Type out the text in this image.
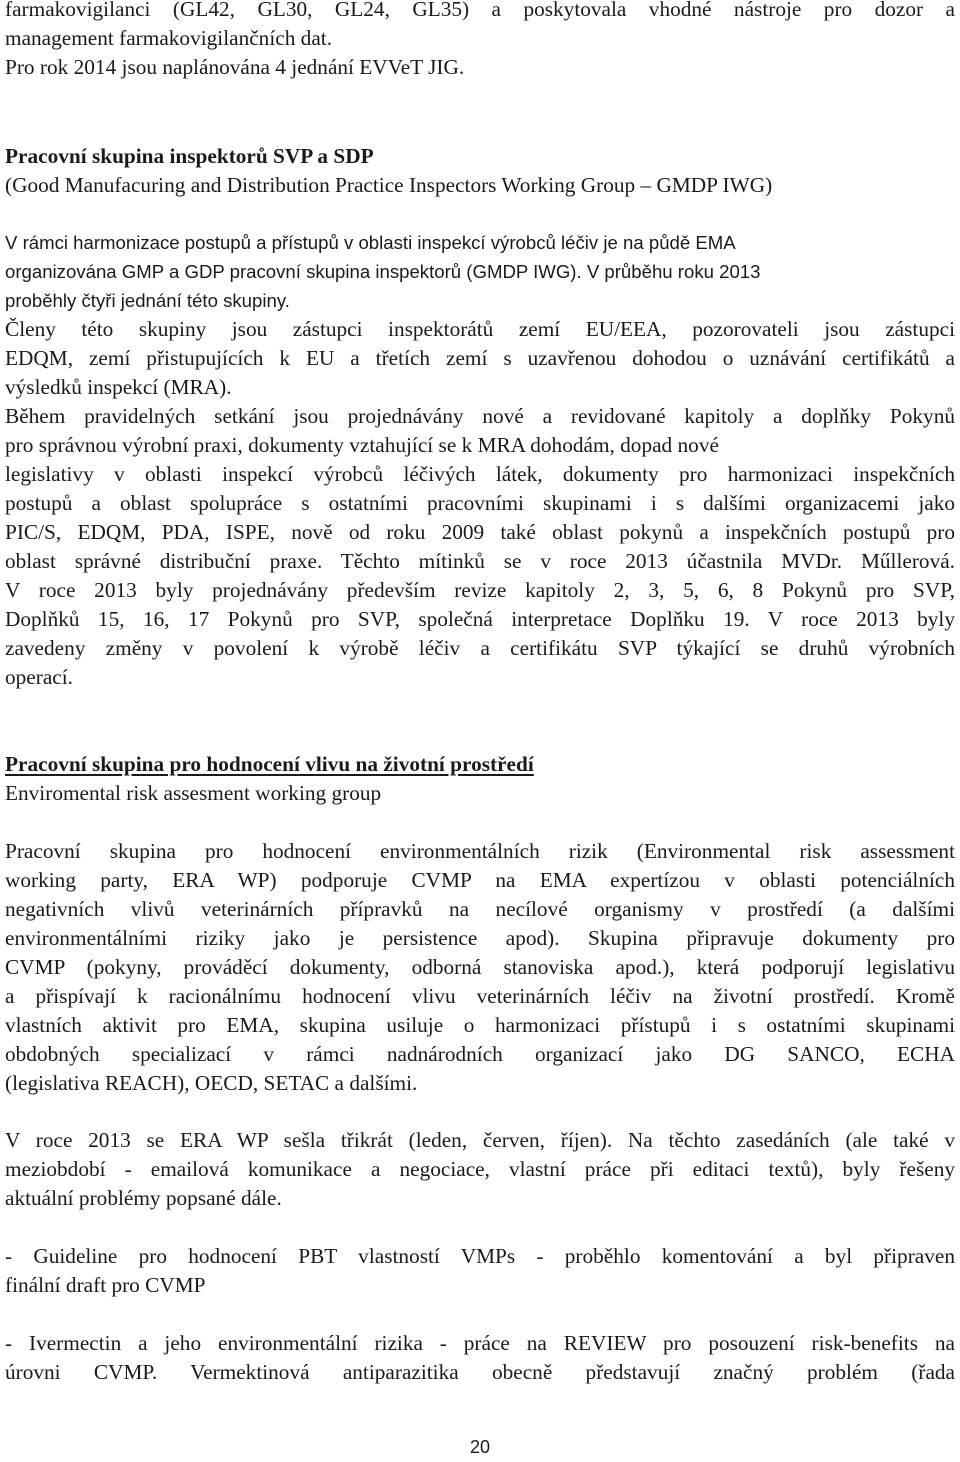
farmakovigilanci (GL42, GL30, GL24, GL35) a poskytovala vhodné nástroje pro dozor a
management farmakovigilančních dat.
Pro rok 2014 jsou naplánována 4 jednání EVVeT JIG.
Pracovní skupina inspektorů SVP a SDP
(Good Manufacuring and Distribution Practice Inspectors Working Group – GMDP IWG)
V rámci harmonizace postupů a přístupů v oblasti inspekcí výrobců léčiv je na půdě EMA
organizována GMP a GDP pracovní skupina inspektorů (GMDP IWG). V průběhu roku 2013
proběhly čtyři jednání této skupiny.
Členy této skupiny jsou zástupci inspektorátů zemí EU/EEA, pozorovateli jsou zástupci
EDQM, zemí přistupujících k EU a třetích zemí s uzavřenou dohodou o uznávání certifikátů a
výsledků inspekcí (MRA).
Během pravidelných setkání jsou projednávány nové a revidované kapitoly a doplňky Pokynů
pro správnou výrobní praxi, dokumenty vztahující se k MRA dohodám, dopad nové
legislativy v oblasti inspekcí výrobců léčivých látek, dokumenty pro harmonizaci inspekčních
postupů a oblast spolupráce s ostatními pracovními skupinami i s dalšími organizacemi jako
PIC/S, EDQM, PDA, ISPE, nově od roku 2009 také oblast pokynů a inspekčních postupů pro
oblast správné distribuční praxe. Těchto mítinků se v roce 2013 účastnila MVDr. Műllerová.
V roce 2013 byly projednávány především revize kapitoly 2, 3, 5, 6, 8 Pokynů pro SVP,
Doplňků 15, 16, 17 Pokynů pro SVP, společná interpretace Doplňku 19. V roce 2013 byly
zavedeny změny v povolení k výrobě léčiv a certifikátu SVP týkající se druhů výrobních
operací.
Pracovní skupina pro hodnocení vlivu na životní prostředí
Enviromental risk assesment working group
Pracovní skupina pro hodnocení environmentálních rizik (Environmental risk assessment
working party, ERA WP) podporuje CVMP na EMA expertízou v oblasti potenciálních
negativních vlivů veterinárních přípravků na necílové organismy v prostředí (a dalšími
environmentálními riziky jako je persistence apod). Skupina připravuje dokumenty pro
CVMP (pokyny, prováděcí dokumenty, odborná stanoviska apod.), která podporují legislativu
a přispívají k racionálnímu hodnocení vlivu veterinárních léčiv na životní prostředí. Kromě
vlastních aktivit pro EMA, skupina usiluje o harmonizaci přístupů i s ostatními skupinami
obdobných specializací v rámci nadnárodních organizací jako DG SANCO, ECHA
(legislativa REACH), OECD, SETAC a dalšími.
V roce 2013 se ERA WP sešla třikrát (leden, červen, říjen). Na těchto zasedáních (ale také v
meziobdobí - emailová komunikace a negociace, vlastní práce při editaci textů), byly řešeny
aktuální problémy popsané dále.
- Guideline pro hodnocení PBT vlastností VMPs - proběhlo komentování a byl připraven
finální draft pro CVMP
- Ivermectin a jeho environmentální rizika - práce na REVIEW pro posouzení risk-benefits na
úrovni CVMP. Vermektinová antiparazitika obecně představují značný problém (řada
20
